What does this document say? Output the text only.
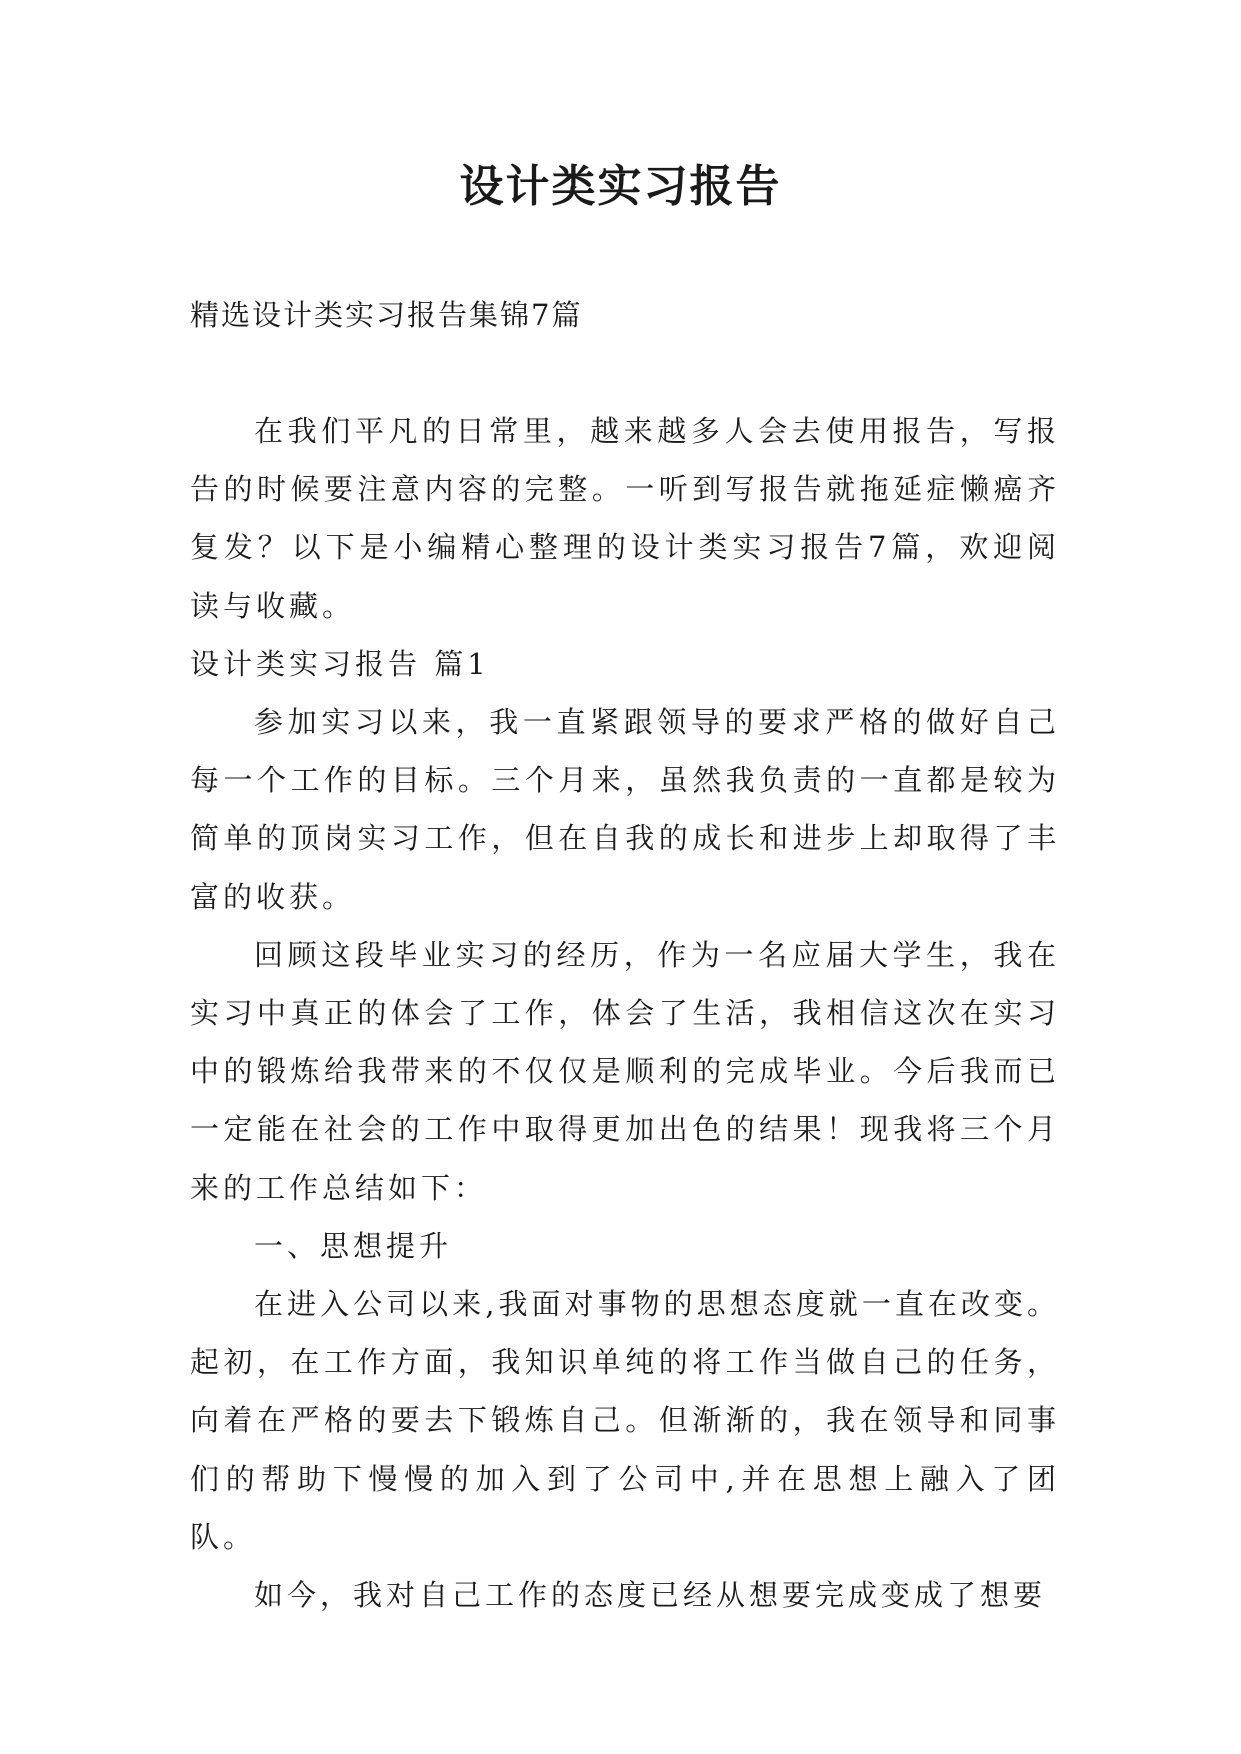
设计类实习报告
精选设计类实习报告集锦7篇

在我们平凡的日常里，越来越多人会去使用报告，写报告的时候要注意内容的完整。一听到写报告就拖延症懒癌齐复发？以下是小编精心整理的设计类实习报告7篇，欢迎阅读与收藏。

设计类实习报告 篇1

参加实习以来，我一直紧跟领导的要求严格的做好自己每一个工作的目标。三个月来，虽然我负责的一直都是较为简单的顶岗实习工作，但在自我的成长和进步上却取得了丰富的收获。

回顾这段毕业实习的经历，作为一名应届大学生，我在实习中真正的体会了工作，体会了生活，我相信这次在实习中的锻炼给我带来的不仅仅是顺利的完成毕业。今后我而已一定能在社会的工作中取得更加出色的结果！现我将三个月来的工作总结如下：

一、思想提升

在进入公司以来,我面对事物的思想态度就一直在改变。起初，在工作方面，我知识单纯的将工作当做自己的任务，向着在严格的要去下锻炼自己。但渐渐的，我在领导和同事们的帮助下慢慢的加入到了公司中,并在思想上融入了团队。

如今，我对自己工作的态度已经从想要完成变成了想要
